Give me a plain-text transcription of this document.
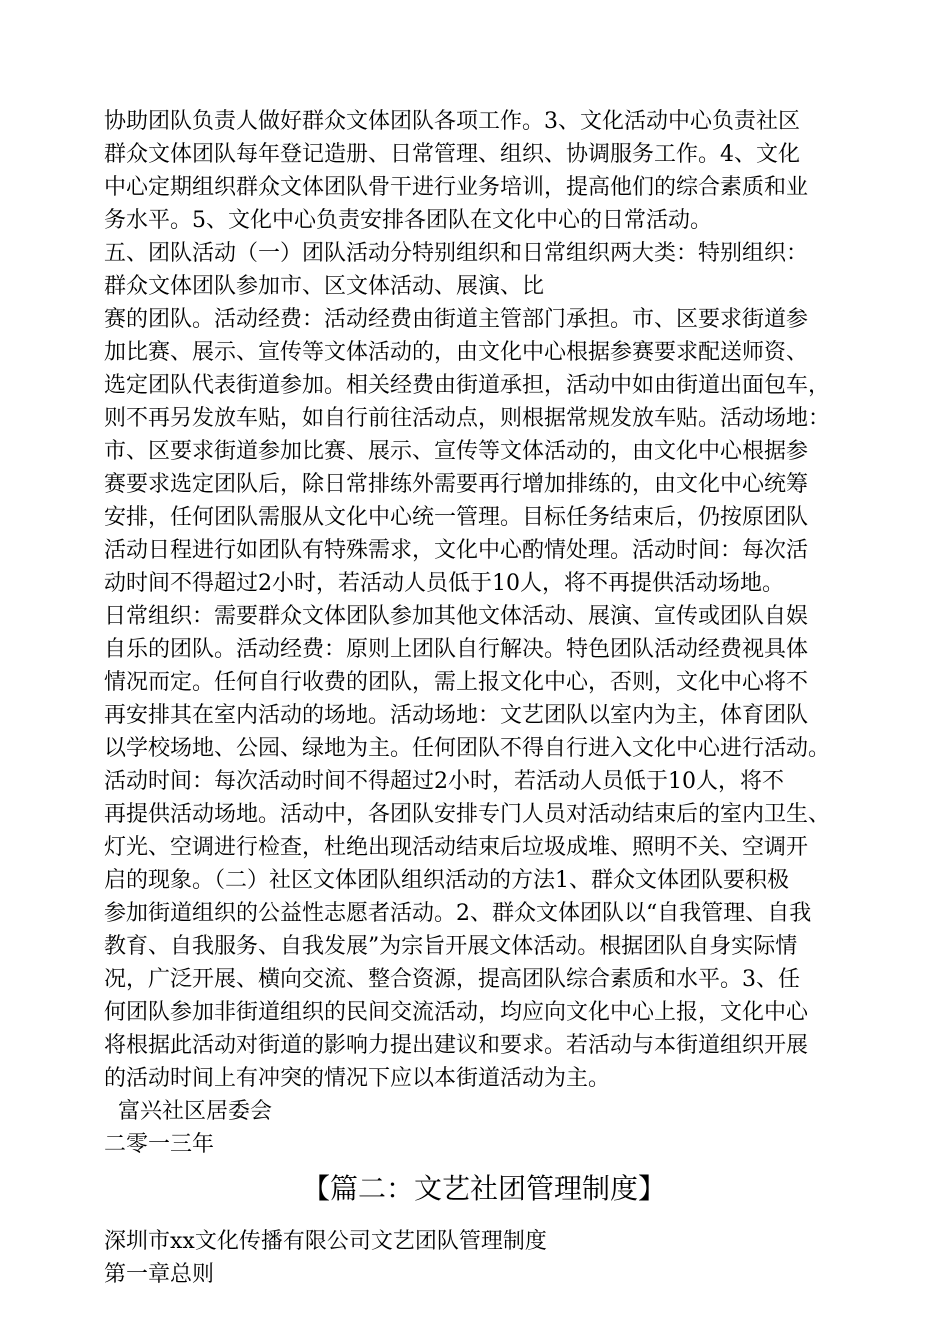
协助团队负责人做好群众文体团队各项工作。3、文化活动中心负责社区
群众文体团队每年登记造册、日常管理、组织、协调服务工作。4、文化
中心定期组织群众文体团队骨干进行业务培训，提高他们的综合素质和业
务水平。5、文化中心负责安排各团队在文化中心的日常活动。
五、团队活动（一）团队活动分特别组织和日常组织两大类：特别组织：
群众文体团队参加市、区文体活动、展演、比
赛的团队。活动经费：活动经费由街道主管部门承担。市、区要求街道参
加比赛、展示、宣传等文体活动的，由文化中心根据参赛要求配送师资、
选定团队代表街道参加。相关经费由街道承担，活动中如由街道出面包车，
则不再另发放车贴，如自行前往活动点，则根据常规发放车贴。活动场地：
市、区要求街道参加比赛、展示、宣传等文体活动的，由文化中心根据参
赛要求选定团队后，除日常排练外需要再行增加排练的，由文化中心统筹
安排，任何团队需服从文化中心统一管理。目标任务结束后，仍按原团队
活动日程进行如团队有特殊需求，文化中心酌情处理。活动时间：每次活
动时间不得超过2小时，若活动人员低于10人，将不再提供活动场地。
日常组织：需要群众文体团队参加其他文体活动、展演、宣传或团队自娱
自乐的团队。活动经费：原则上团队自行解决。特色团队活动经费视具体
情况而定。任何自行收费的团队，需上报文化中心，否则，文化中心将不
再安排其在室内活动的场地。活动场地：文艺团队以室内为主，体育团队
以学校场地、公园、绿地为主。任何团队不得自行进入文化中心进行活动。
活动时间：每次活动时间不得超过2小时，若活动人员低于10人，将不
再提供活动场地。活动中，各团队安排专门人员对活动结束后的室内卫生、
灯光、空调进行检查，杜绝出现活动结束后垃圾成堆、照明不关、空调开
启的现象。（二）社区文体团队组织活动的方法1、群众文体团队要积极
参加街道组织的公益性志愿者活动。2、群众文体团队以“自我管理、自我
教育、自我服务、自我发展”为宗旨开展文体活动。根据团队自身实际情
况，广泛开展、横向交流、整合资源，提高团队综合素质和水平。3、任
何团队参加非街道组织的民间交流活动，均应向文化中心上报，文化中心
将根据此活动对街道的影响力提出建议和要求。若活动与本街道组织开展
的活动时间上有冲突的情况下应以本街道活动为主。
富兴社区居委会
二零一三年
【篇二：文艺社团管理制度】
深圳市xx文化传播有限公司文艺团队管理制度
第一章总则
